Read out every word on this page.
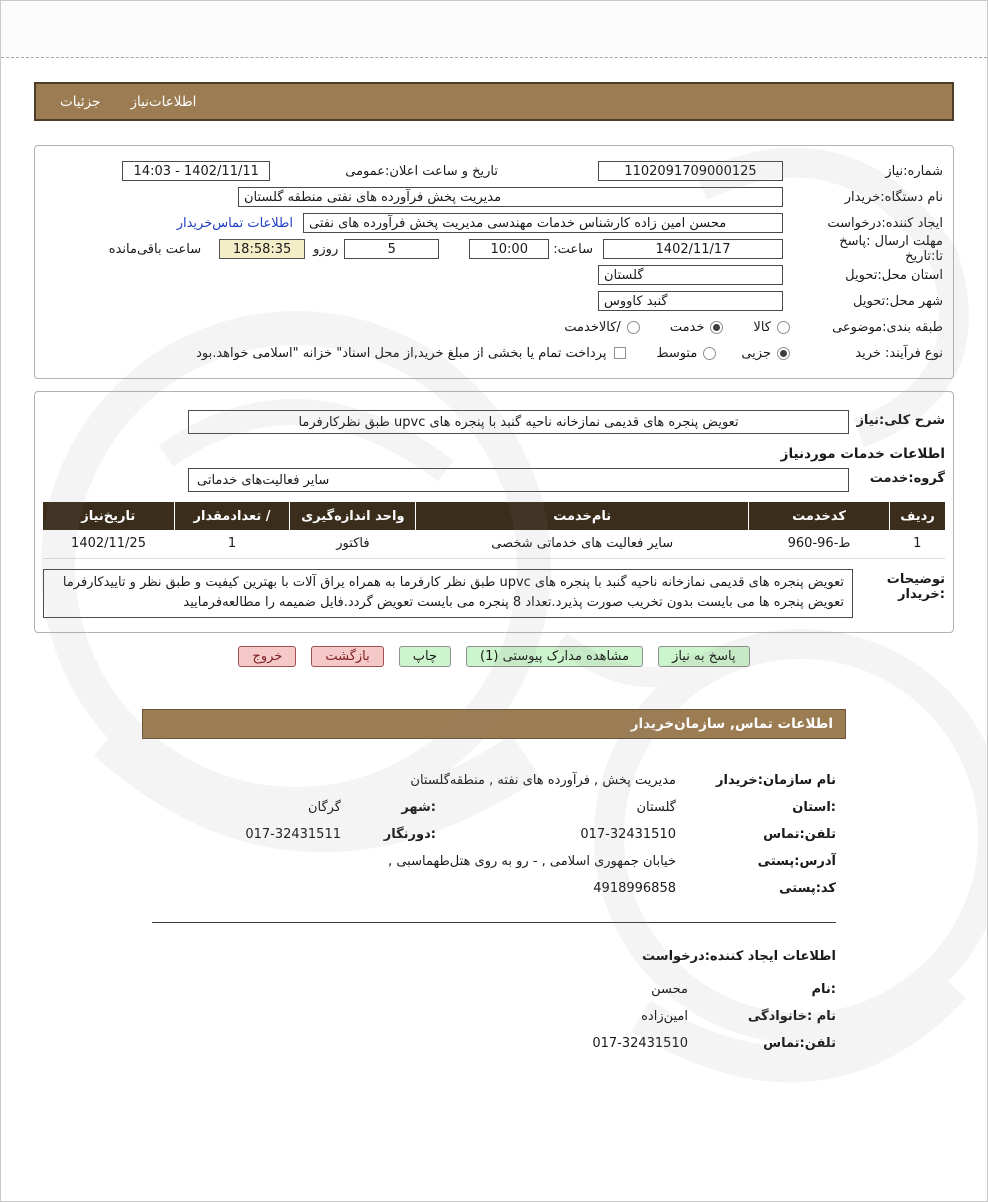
جزئیات اطلاعات‌نیاز
شماره:نیاز
1102091709000125
تاریخ و ساعت اعلان:عمومی
14:03 - 1402/11/11
نام دستگاه:خریدار
مدیریت پخش فرآورده های نفتی منطقه گلستان
ایجاد کننده:درخواست
محسن امین زاده کارشناس خدمات مهندسی مدیریت پخش فرآورده های نفتی
اطلاعات تماس‌خریدار
مهلت ارسال :پاسخ تا:تاریخ
1402/11/17
ساعت:
10:00
5
روزو
18:58:35
ساعت باقی‌مانده
استان محل:تحویل
گلستان
شهر محل:تحویل
گنبد کاووس
طبقه بندی:موضوعی
کالا
خدمت
/کالاخدمت
نوع فرآیند: خرید
جزیی
متوسط
پرداخت تمام یا بخشی از مبلغ خرید,از محل اسناد" خزانه "اسلامی خواهد.بود
شرح کلی:نیاز
تعویض پنجره های قدیمی نمازخانه ناحیه گنبد با پنجره های upvc طبق نظرکارفرما
اطلاعات خدمات موردنیاز
گروه:خدمت
سایر فعالیت‌های خدماتی
ردیف	کدخدمت	نام‌خدمت	واحد اندازه‌گیری	/ تعدادمقدار	تاریخ‌نیاز
1	ط-96-960	سایر فعالیت های خدماتی شخصی	فاکتور	1	1402/11/25
توضیحات :خریدار
تعویض پنجره های قدیمی نمازخانه ناحیه گنبد با پنجره های upvc طبق نظر کارفرما به همراه یراق آلات با بهترین کیفیت و طبق نظر و تاییدکارفرما تعویض پنجره ها می بایست بدون تخریب صورت پذیرد.تعداد 8 پنجره می بایست تعویض گردد.فایل ضمیمه را مطالعه‌فرمایید
پاسخ به نیاز
مشاهده مدارک پیوستی (1)
چاپ
بازگشت
خروج
اطلاعات تماس, سازمان‌خریدار
نام سازمان:خریدار
مدیریت پخش , فرآورده های نفته , منطقه‌گلستان
:استان
گلستان
:شهر
گرگان
تلفن:تماس
017-32431510
:دورنگار
017-32431511
آدرس:پستی
خیابان جمهوری اسلامی , - رو به روی هتل‌طهماسبی ,
کد:پستی
4918996858
اطلاعات ایجاد کننده:درخواست
:نام
محسن
نام :خانوادگی
امین‌زاده
تلفن:تماس
017-32431510
